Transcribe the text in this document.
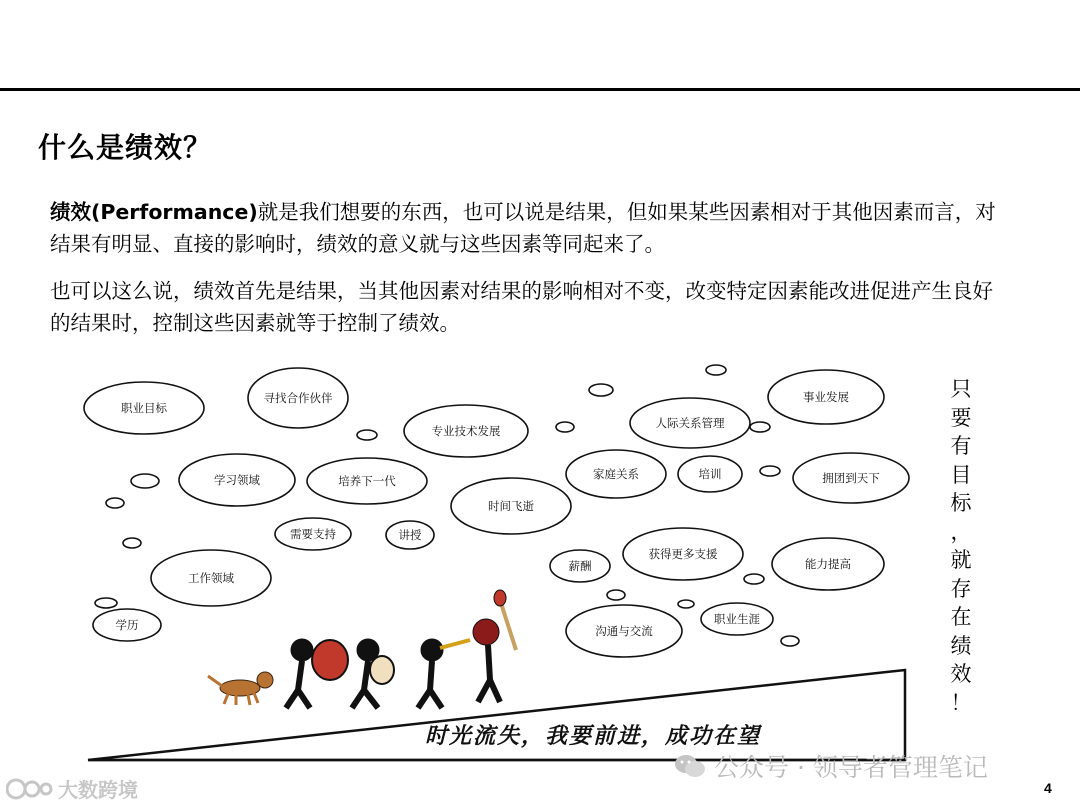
什么是绩效？
绩效(Performance)就是我们想要的东西，也可以说是结果，但如果某些因素相对于其他因素而言，对结果有明显、直接的影响时，绩效的意义就与这些因素等同起来了。
也可以这么说，绩效首先是结果，当其他因素对结果的影响相对不变，改变特定因素能改进促进产生良好的结果时，控制这些因素就等于控制了绩效。
职业目标
寻找合作伙伴
专业技术发展
人际关系管理
事业发展
学习领域	培养下一代	家庭关系	培训	拥团到天下
时间飞逝
需要支持	讲授
工作领域
获得更多支援
能力提高
薪酬
学历	沟通与交流
职业生涯
时光流失，我要前进，成功在望
只
要
有
目
标
，
就
存
在
绩
效
！
公众号 · 领导者管理笔记
大数跨境	4
